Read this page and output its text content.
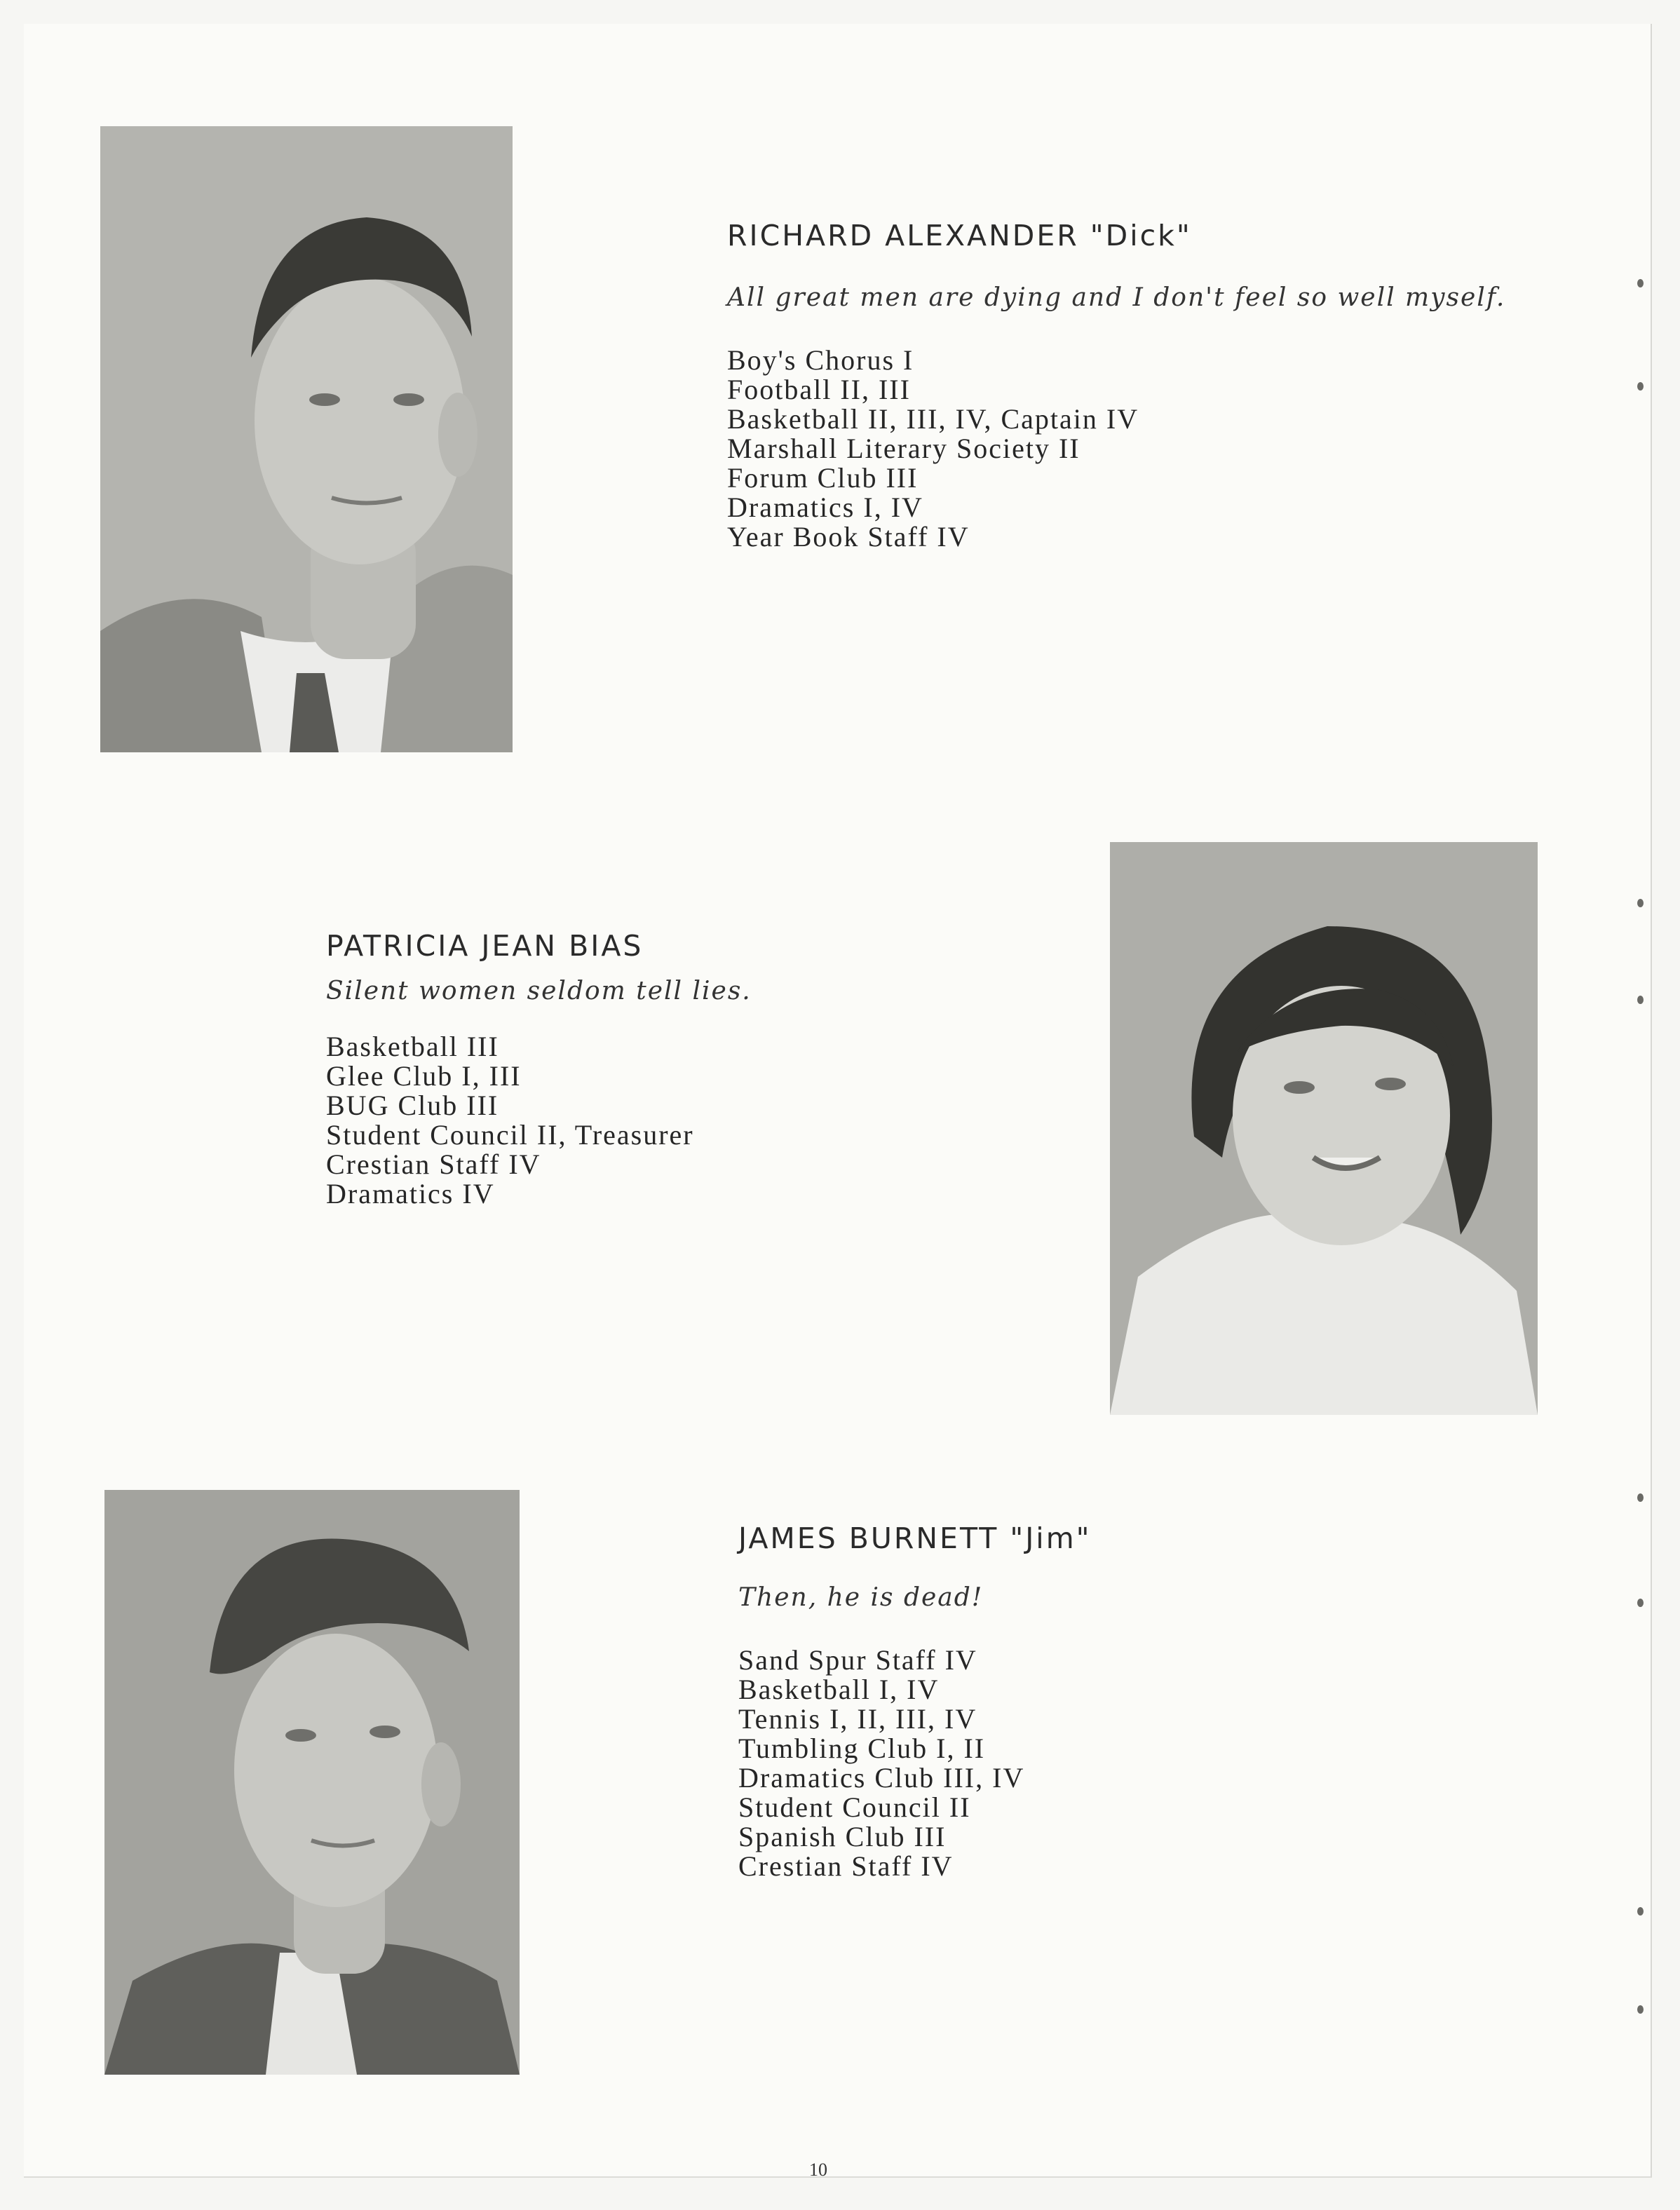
RICHARD ALEXANDER "Dick"

All great men are dying and I don't feel so well myself.

Boy's Chorus I
Football II, III
Basketball II, III, IV, Captain IV
Marshall Literary Society II
Forum Club III
Dramatics I, IV
Year Book Staff IV
PATRICIA JEAN BIAS

Silent women seldom tell lies.

Basketball III
Glee Club I, III
BUG Club III
Student Council II, Treasurer
Crestian Staff IV
Dramatics IV
JAMES BURNETT "Jim"

Then, he is dead!

Sand Spur Staff IV
Basketball I, IV
Tennis I, II, III, IV
Tumbling Club I, II
Dramatics Club III, IV
Student Council II
Spanish Club III
Crestian Staff IV
10
